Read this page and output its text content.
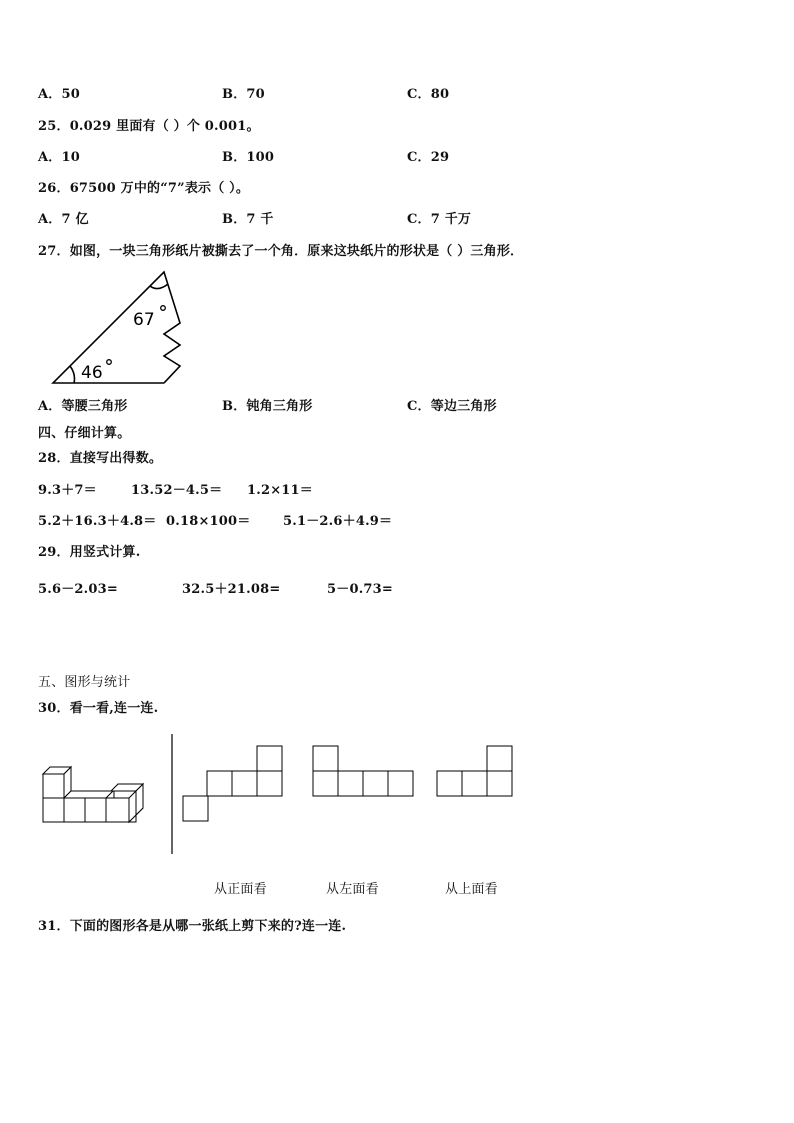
A．50	B．70	C．80
25．0.029 里面有（ ）个 0.001。
A．10	B．100	C．29
26．67500 万中的“7”表示（ ）。
A．7 亿	B．7 千	C．7 千万
27．如图，一块三角形纸片被撕去了一个角．原来这块纸片的形状是（ ）三角形．
67
46
A．等腰三角形	B．钝角三角形	C．等边三角形
四、仔细计算。
28．直接写出得数。
9.3＋7＝	13.52－4.5＝ 1.2×11＝
5.2＋16.3＋4.8＝ 0.18×100＝	5.1－2.6＋4.9＝
29．用竖式计算.
5.6－2.03=	32.5＋21.08=	5－0.73=
五、图形与统计
30．看一看,连一连.
从正面看	从左面看	从上面看
31．下面的图形各是从哪一张纸上剪下来的?连一连.
